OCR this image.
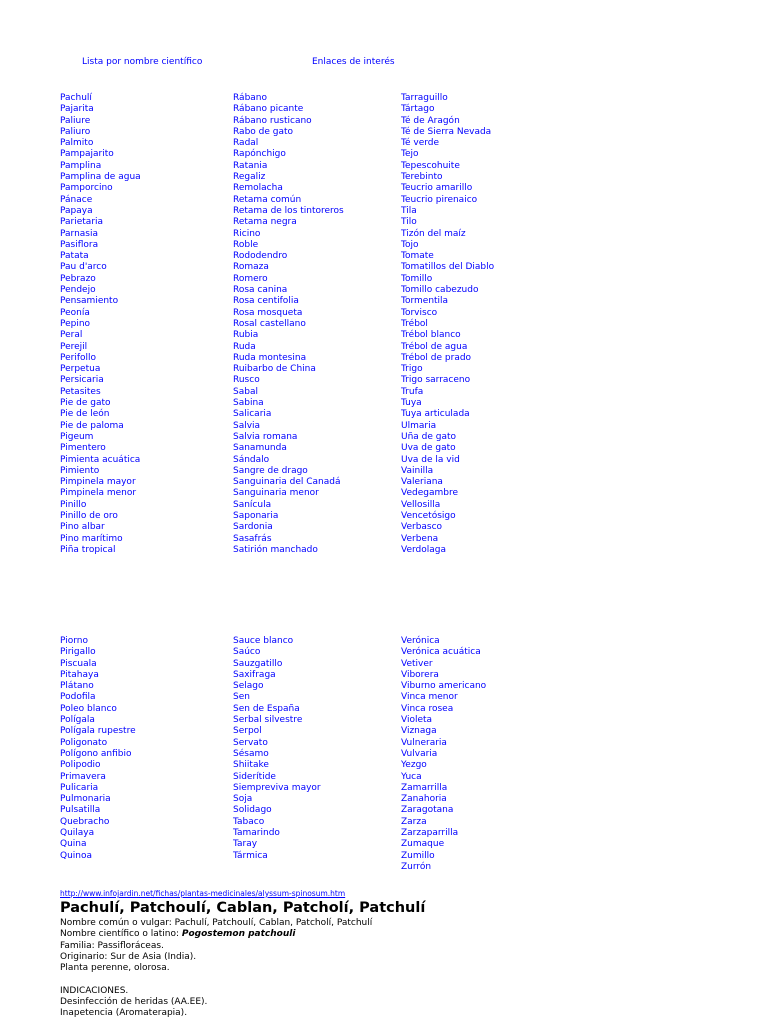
Lista por nombre científico	Enlaces de interés
Pachulí
Pajarita
Paliure
Paliuro
Palmito
Pampajarito
Pamplina
Pamplina de agua
Pamporcino
Pánace
Papaya
Parietaria
Parnasia
Pasiflora
Patata
Pau d'arco
Pebrazo
Pendejo
Pensamiento
Peonía
Pepino
Peral
Perejil
Perifollo
Perpetua
Persicaria
Petasites
Pie de gato
Pie de león
Pie de paloma
Pigeum
Pimentero
Pimienta acuática
Pimiento
Pimpinela mayor
Pimpinela menor
Pinillo
Pinillo de oro
Pino albar
Pino marítimo
Piña tropical
Rábano
Rábano picante
Rábano rusticano
Rabo de gato
Radal
Rapónchigo
Ratania
Regaliz
Remolacha
Retama común
Retama de los tintoreros
Retama negra
Ricino
Roble
Rododendro
Romaza
Romero
Rosa canina
Rosa centifolia
Rosa mosqueta
Rosal castellano
Rubia
Ruda
Ruda montesina
Ruibarbo de China
Rusco
Sabal
Sabina
Salicaria
Salvia
Salvia romana
Sanamunda
Sándalo
Sangre de drago
Sanguinaria del Canadá
Sanguinaria menor
Sanícula
Saponaria
Sardonia
Sasafrás
Satirión manchado
Tarraguillo
Tártago
Té de Aragón
Té de Sierra Nevada
Té verde
Tejo
Tepescohuite
Terebinto
Teucrio amarillo
Teucrio pirenaico
Tila
Tilo
Tizón del maíz
Tojo
Tomate
Tomatillos del Diablo
Tomillo
Tomillo cabezudo
Tormentila
Torvisco
Trébol
Trébol blanco
Trébol de agua
Trébol de prado
Trigo
Trigo sarraceno
Trufa
Tuya
Tuya articulada
Ulmaria
Uña de gato
Uva de gato
Uva de la vid
Vainilla
Valeriana
Vedegambre
Vellosilla
Vencetósigo
Verbasco
Verbena
Verdolaga
Piorno
Pirigallo
Piscuala
Pitahaya
Plátano
Podofila
Poleo blanco
Polígala
Polígala rupestre
Poligonato
Polígono anfibio
Polipodio
Primavera
Pulicaria
Pulmonaria
Pulsatilla
Quebracho
Quilaya
Quina
Quinoa
Sauce blanco
Saúco
Sauzgatillo
Saxifraga
Selago
Sen
Sen de España
Serbal silvestre
Serpol
Servato
Sésamo
Shiitake
Siderítide
Siempreviva mayor
Soja
Solidago
Tabaco
Tamarindo
Taray
Tármica
Verónica
Verónica acuática
Vetiver
Viborera
Viburno americano
Vinca menor
Vinca rosea
Violeta
Viznaga
Vulneraria
Vulvaria
Yezgo
Yuca
Zamarrilla
Zanahoria
Zaragotana
Zarza
Zarzaparrilla
Zumaque
Zumillo
Zurrón
http://www.infojardin.net/fichas/plantas-medicinales/alyssum-spinosum.htm
Pachulí, Patchoulí, Cablan, Patcholí, Patchulí
Nombre común o vulgar: Pachulí, Patchoulí, Cablan, Patcholí, Patchulí
Nombre científico o latino: Pogostemon patchouli
Familia: Passifloráceas.
Originario: Sur de Asia (India).
Planta perenne, olorosa.
INDICACIONES.
Desinfección de heridas (AA.EE).
Inapetencia (Aromaterapia).
